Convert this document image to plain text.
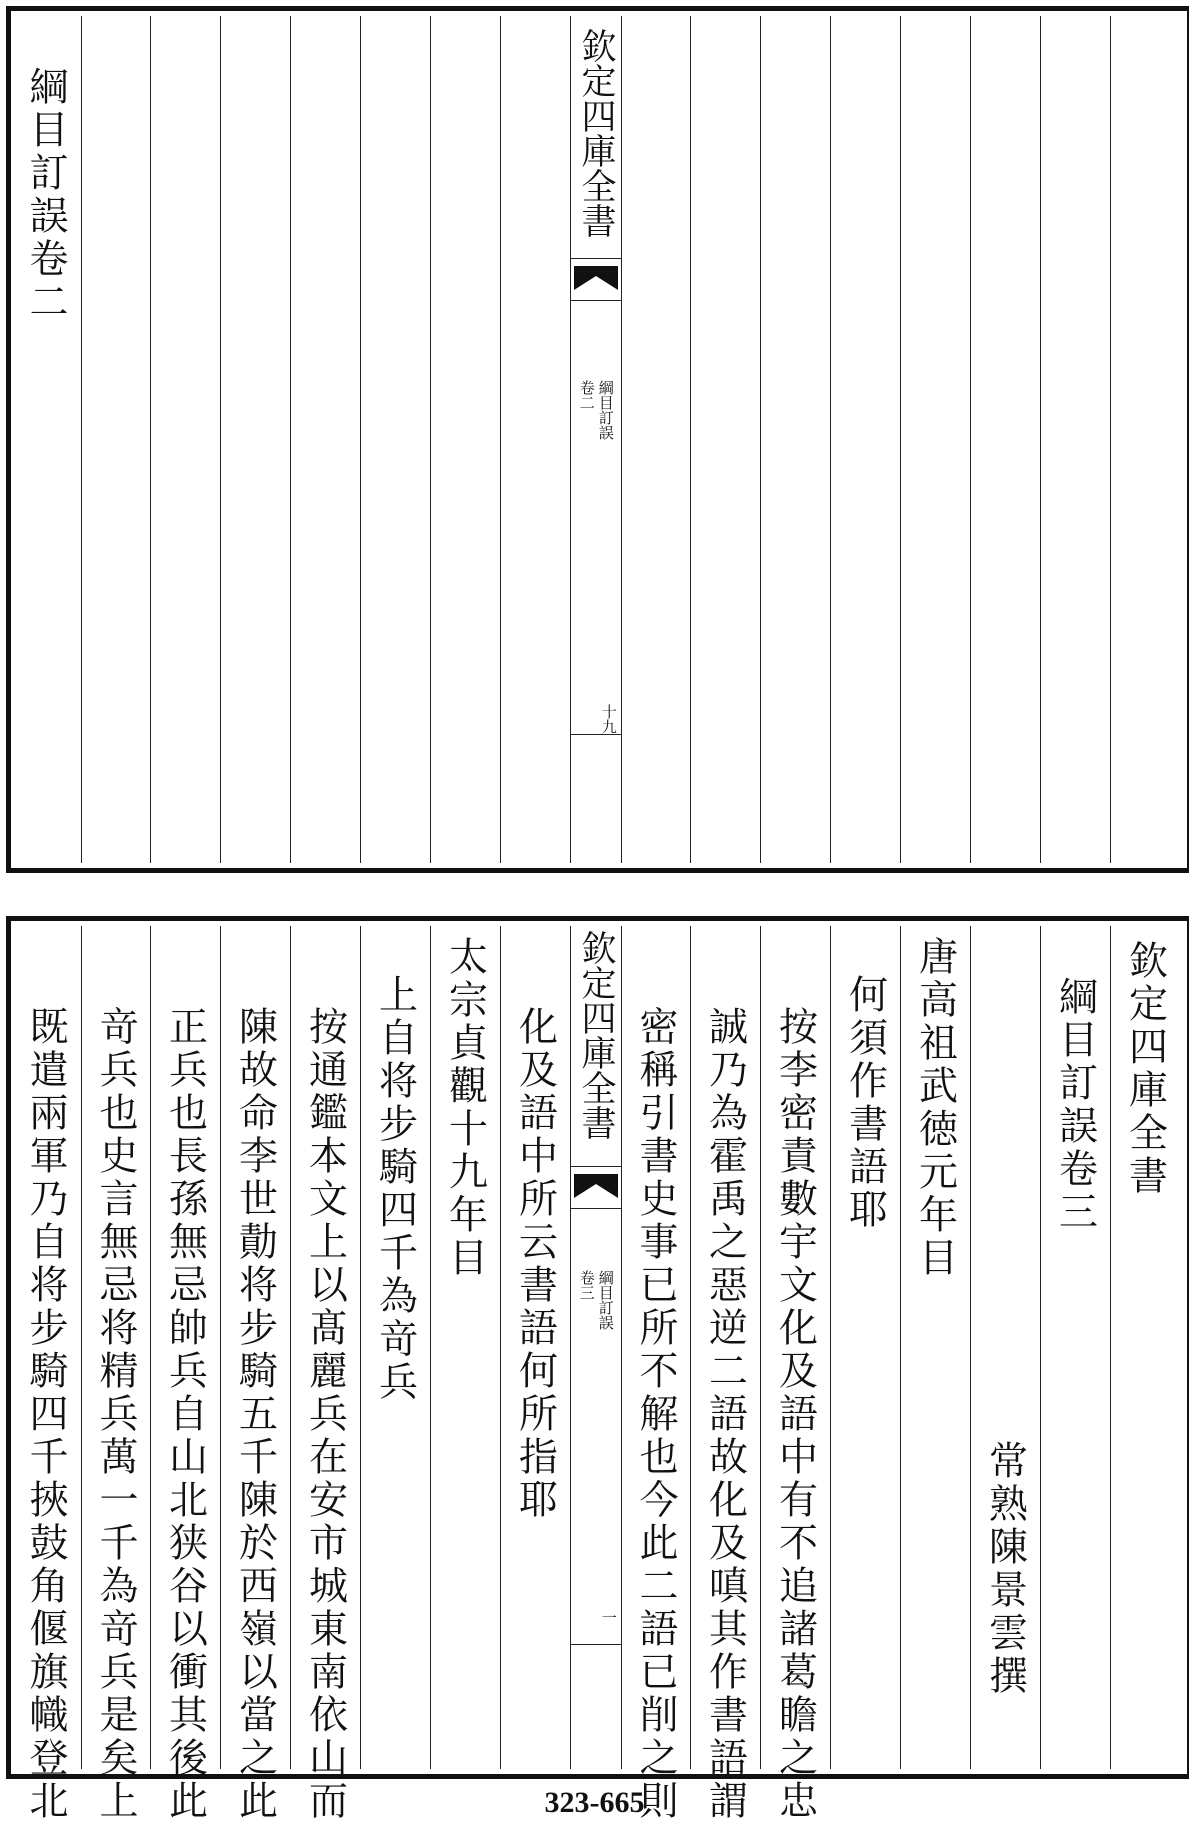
綱目訂誤卷二	欽定四庫全書
綱目訂誤
卷二
十九
欽定四庫全書
綱目訂誤卷三
常熟陳景雲撰
唐高祖武徳元年目
何須作書語耶
按李密責數宇文化及語中有不追諸葛瞻之忠
誠乃為霍禹之惡逆二語故化及嗔其作書語謂
密稱引書史事已所不解也今此二語已削之則
欽定四庫全書
綱目訂誤
卷三
一
化及語中所云書語何所指耶
太宗貞觀十九年目
上自将步騎四千為竒兵
按通鑑本文上以髙麗兵在安市城東南依山而
陳故命李世勣将步騎五千陳於西嶺以當之此
正兵也長孫無忌帥兵自山北狭谷以衝其後此
竒兵也史言無忌将精兵萬一千為竒兵是矣上
既遣兩軍乃自将步騎四千挾鼓角偃旗幟登北	323-665
